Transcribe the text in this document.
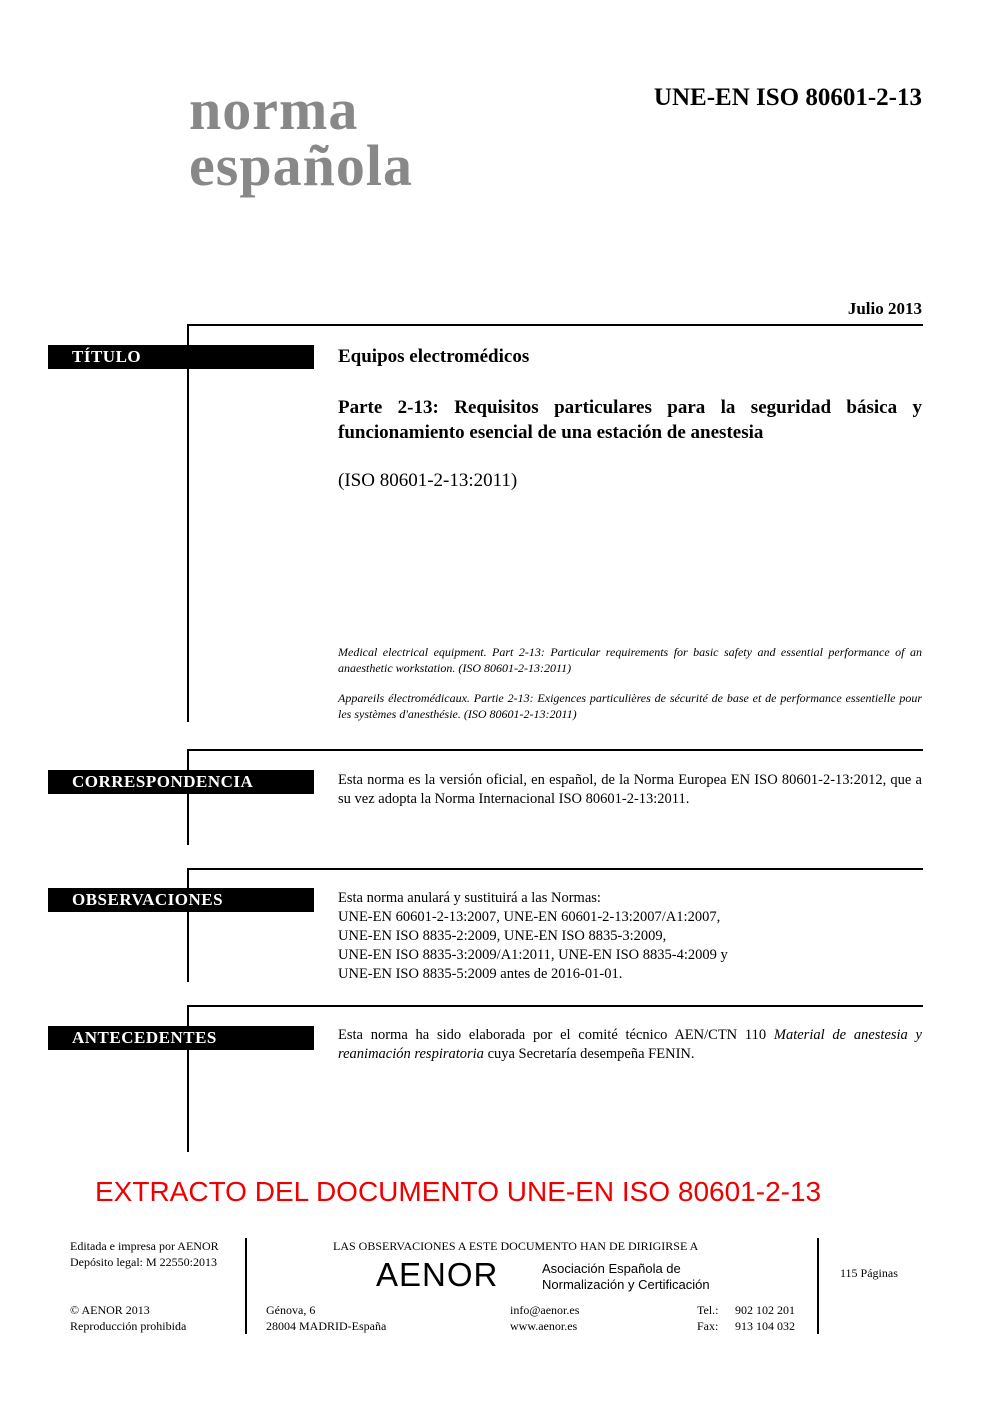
norma
española
UNE-EN ISO 80601-2-13
Julio 2013
TÍTULO	Equipos electromédicos
Parte 2-13: Requisitos particulares para la seguridad básica y funcionamiento esencial de una estación de anestesia
(ISO 80601-2-13:2011)
Medical electrical equipment. Part 2-13: Particular requirements for basic safety and essential performance of an anaesthetic workstation. (ISO 80601-2-13:2011)
Appareils électromédicaux. Partie 2-13: Exigences particulières de sécurité de base et de performance essentielle pour les systèmes d'anesthésie. (ISO 80601-2-13:2011)
CORRESPONDENCIA	Esta norma es la versión oficial, en español, de la Norma Europea EN ISO 80601-2-13:2012, que a su vez adopta la Norma Internacional ISO 80601-2-13:2011.
OBSERVACIONES	Esta norma anulará y sustituirá a las Normas:
UNE-EN 60601-2-13:2007, UNE-EN 60601-2-13:2007/A1:2007,
UNE-EN ISO 8835-2:2009, UNE-EN ISO 8835-3:2009,
UNE-EN ISO 8835-3:2009/A1:2011, UNE-EN ISO 8835-4:2009 y
UNE-EN ISO 8835-5:2009 antes de 2016-01-01.
ANTECEDENTES	Esta norma ha sido elaborada por el comité técnico AEN/CTN 110 Material de anestesia y reanimación respiratoria cuya Secretaría desempeña FENIN.
EXTRACTO DEL DOCUMENTO UNE-EN ISO 80601-2-13
Editada e impresa por AENOR
Depósito legal: M 22550:2013
© AENOR 2013
Reproducción prohibida
LAS OBSERVACIONES A ESTE DOCUMENTO HAN DE DIRIGIRSE A
AENOR	Asociación Española de
Normalización y Certificación
Génova, 6
28004 MADRID-España
info@aenor.es
www.aenor.es
Tel.: 902 102 201
Fax: 913 104 032
115 Páginas
